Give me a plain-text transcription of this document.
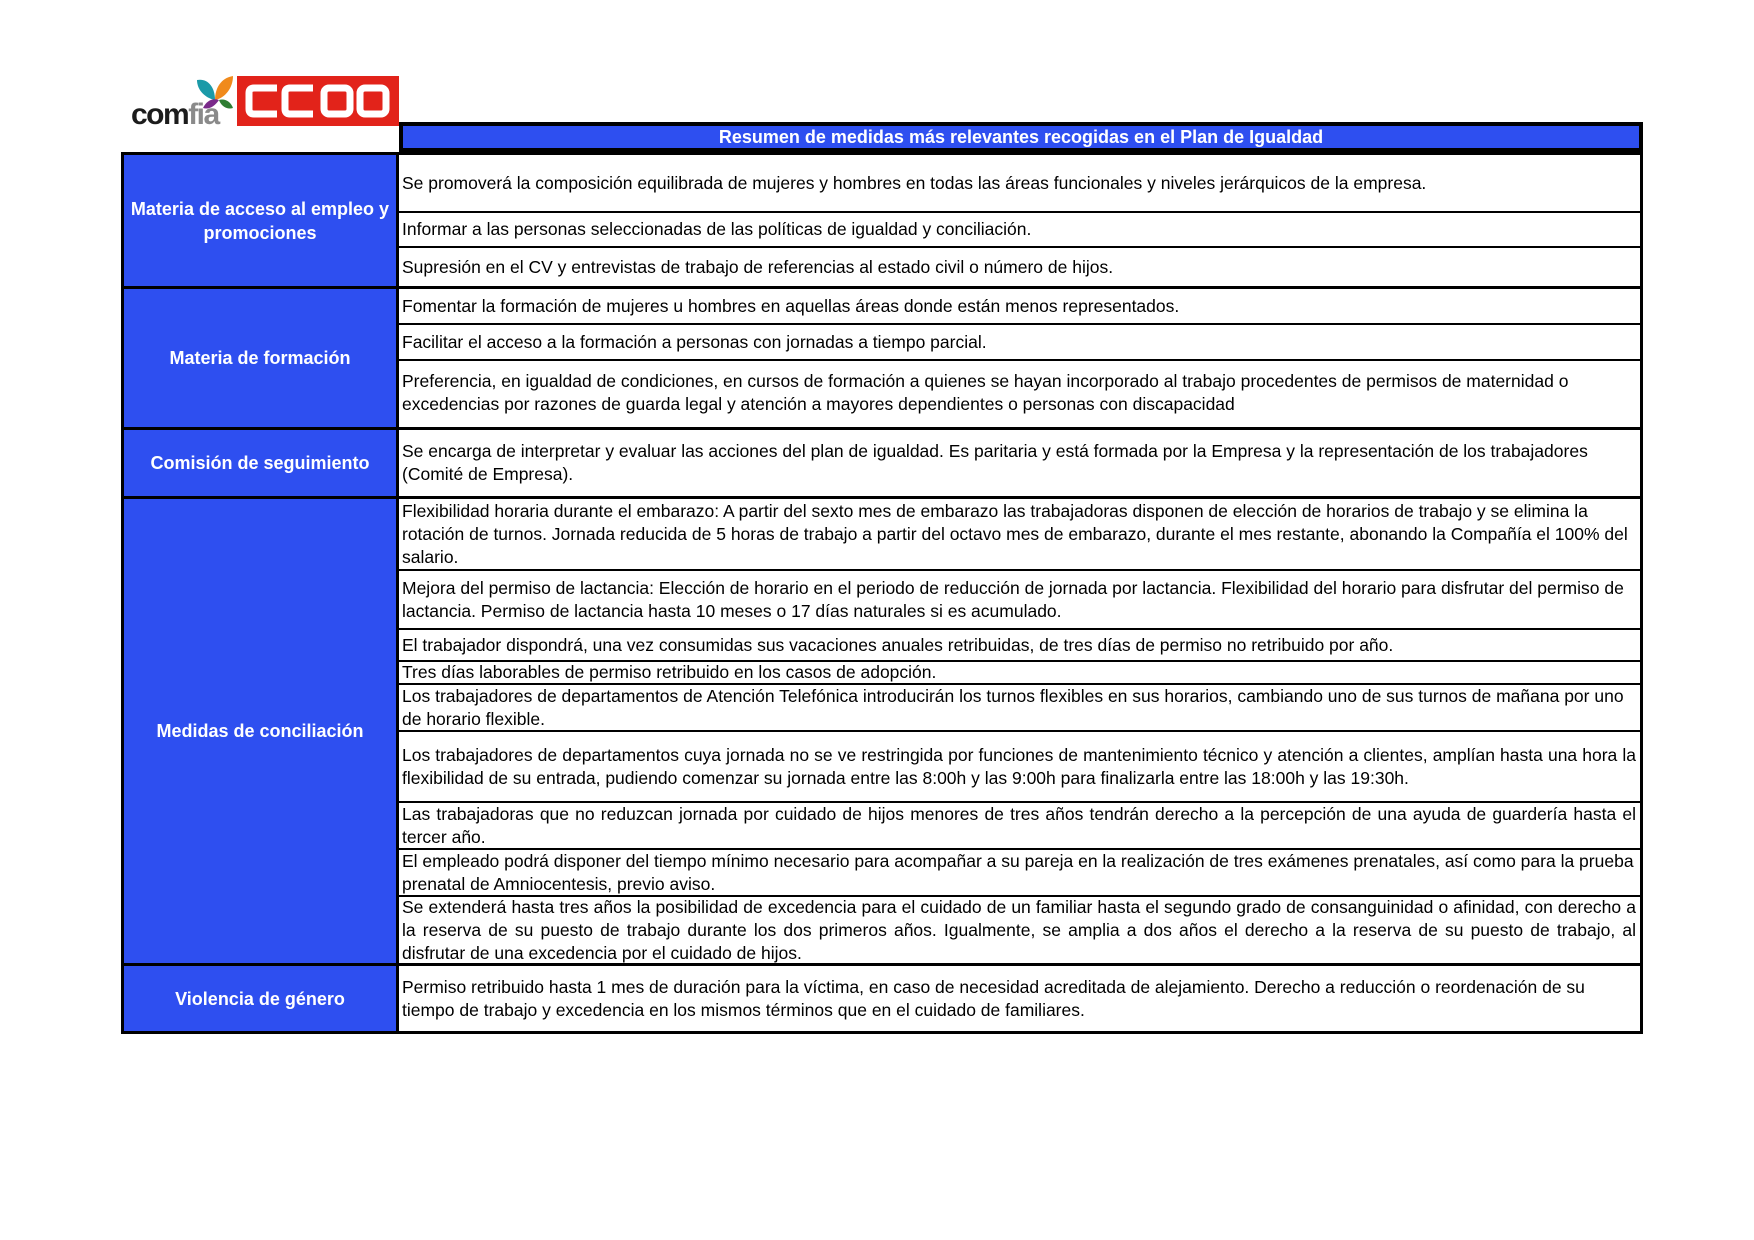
comfia
Resumen de medidas más relevantes recogidas en el Plan de Igualdad
Materia de acceso al empleo y promociones
Se promoverá la composición equilibrada de mujeres y hombres en todas las áreas funcionales y niveles jerárquicos de la empresa.
Informar a las personas seleccionadas de las políticas de igualdad y conciliación.
Supresión en el CV y entrevistas de trabajo de referencias al estado civil o número de hijos.
Materia de formación
Fomentar la formación de mujeres u hombres en aquellas áreas donde están menos representados.
Facilitar el acceso a la formación a personas con jornadas a tiempo parcial.
Preferencia, en igualdad de condiciones, en cursos de formación a quienes se hayan incorporado al trabajo procedentes de permisos de maternidad o excedencias por razones de guarda legal y atención a mayores dependientes o personas con discapacidad
Comisión de seguimiento
Se encarga de interpretar y evaluar las acciones del plan de igualdad. Es paritaria y está formada por la Empresa y la representación de los trabajadores (Comité de Empresa).
Medidas de conciliación
Flexibilidad horaria durante el embarazo: A partir del sexto mes de embarazo las trabajadoras disponen de elección de horarios de trabajo y se elimina la rotación de turnos. Jornada reducida de 5 horas de trabajo a partir del octavo mes de embarazo, durante el mes restante, abonando la Compañía el 100% del salario.
Mejora del permiso de lactancia: Elección de horario en el periodo de reducción de jornada por lactancia. Flexibilidad del horario para disfrutar del permiso de lactancia. Permiso de lactancia hasta 10 meses o 17 días naturales si es acumulado.
El trabajador dispondrá, una vez consumidas sus vacaciones anuales retribuidas, de tres días de permiso no retribuido por año.
Tres días laborables de permiso retribuido en los casos de adopción.
Los trabajadores de departamentos de Atención Telefónica introducirán los turnos flexibles en sus horarios, cambiando uno de sus turnos de mañana por uno de horario flexible.
Los trabajadores de departamentos cuya jornada no se ve restringida por funciones de mantenimiento técnico y atención a clientes, amplían hasta una hora la flexibilidad de su entrada, pudiendo comenzar su jornada entre las 8:00h y las 9:00h para finalizarla entre las 18:00h y las 19:30h.
Las trabajadoras que no reduzcan jornada por cuidado de hijos menores de tres años tendrán derecho a la percepción de una ayuda de guardería hasta el tercer año.
El empleado podrá disponer del tiempo mínimo necesario para acompañar a su pareja en la realización de tres exámenes prenatales, así como para la prueba prenatal de Amniocentesis, previo aviso.
Se extenderá hasta tres años la posibilidad de excedencia para el cuidado de un familiar hasta el segundo grado de consanguinidad o afinidad, con derecho a la reserva de su puesto de trabajo durante los dos primeros años. Igualmente, se amplia a dos años el derecho a la reserva de su puesto de trabajo, al disfrutar de una excedencia por el cuidado de hijos.
Violencia de género
Permiso retribuido hasta 1 mes de duración para la víctima, en caso de necesidad acreditada de alejamiento. Derecho a reducción o reordenación de su tiempo de trabajo y excedencia en los mismos términos que en el cuidado de familiares.
